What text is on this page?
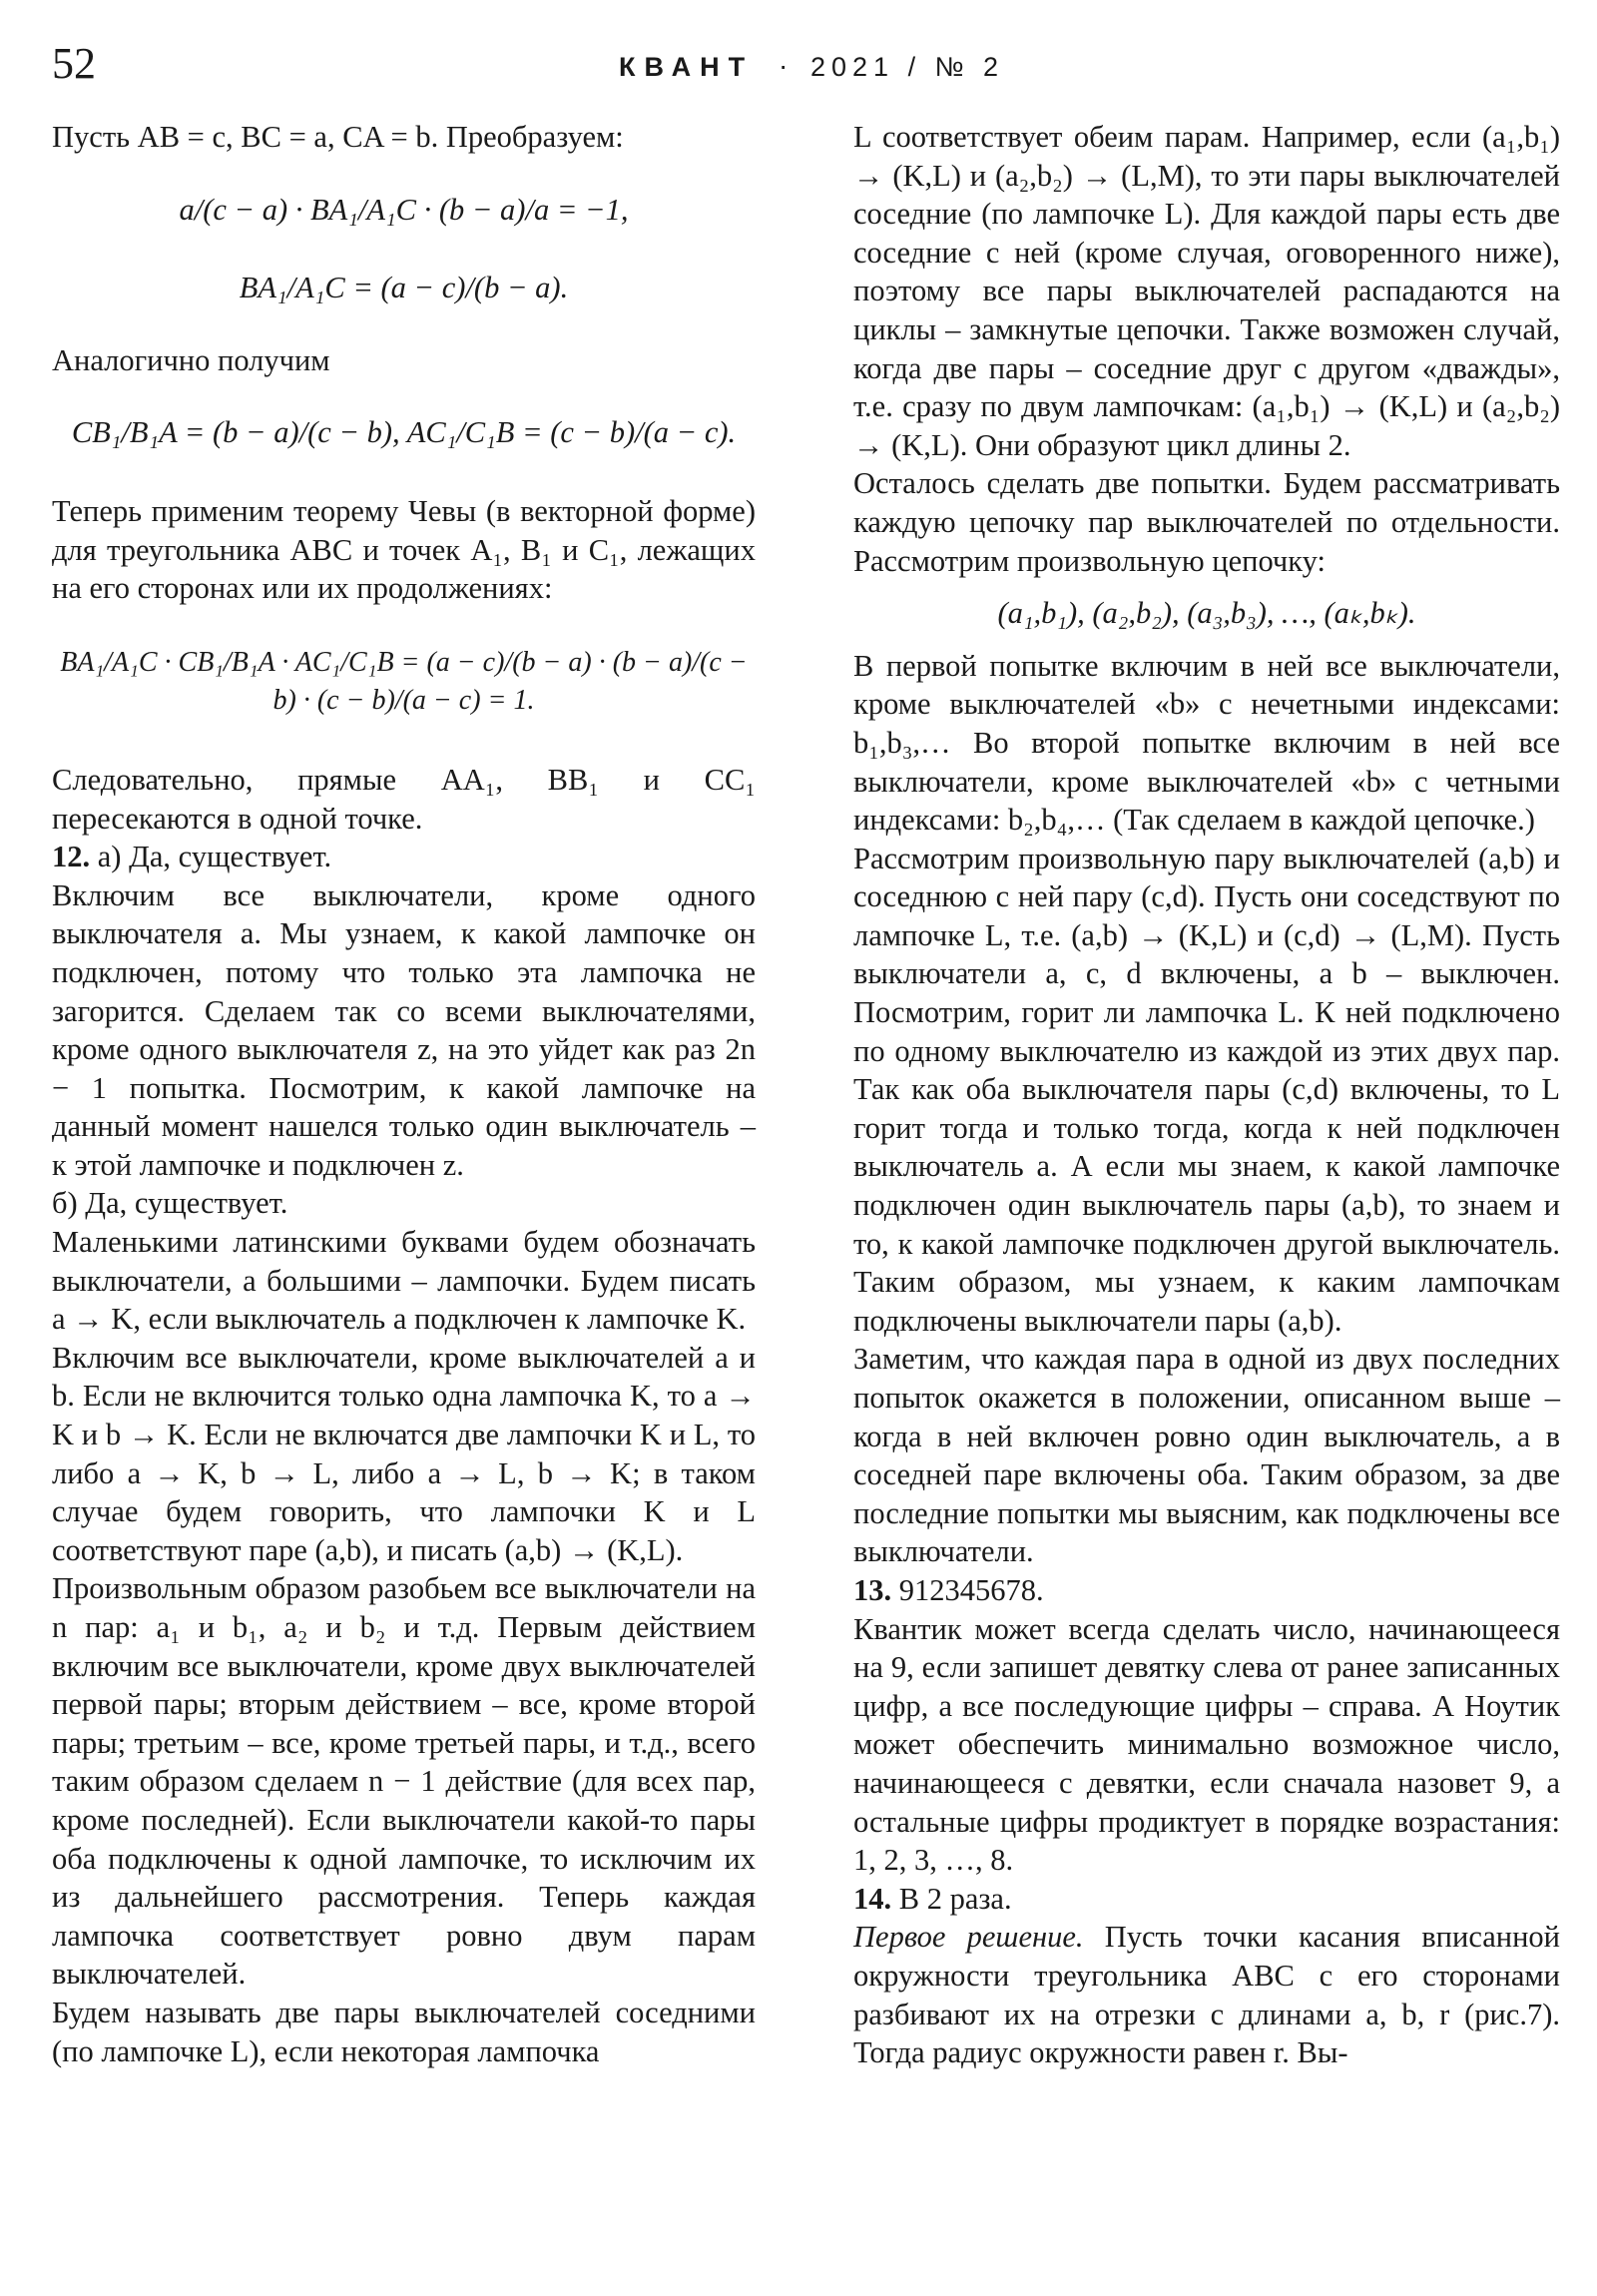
52	КВАНТ · 2021 / № 2

Пусть AB = c, BC = a, CA = b. Преобразуем:

a/(c − a) · BA₁/A₁C · (b − a)/a = −1,

BA₁/A₁C = (a − c)/(b − a).

Аналогично получим

CB₁/B₁A = (b − a)/(c − b), AC₁/C₁B = (c − b)/(a − c).

Теперь применим теорему Чевы (в векторной форме) для треугольника ABC и точек A₁, B₁ и C₁, лежащих на его сторонах или их продолжениях:

BA₁/A₁C · CB₁/B₁A · AC₁/C₁B = (a − c)/(b − a) · (b − a)/(c − b) · (c − b)/(a − c) = 1.

Следовательно, прямые AA₁, BB₁ и CC₁ пересекаются в одной точке.

12. а) Да, существует.

Включим все выключатели, кроме одного выключателя a. Мы узнаем, к какой лампочке он подключен, потому что только эта лампочка не загорится. Сделаем так со всеми выключателями, кроме одного выключателя z, на это уйдет как раз 2n − 1 попытка. Посмотрим, к какой лампочке на данный момент нашелся только один выключатель – к этой лампочке и подключен z.

б) Да, существует.

Маленькими латинскими буквами будем обозначать выключатели, а большими – лампочки. Будем писать a → K, если выключатель a подключен к лампочке K.

Включим все выключатели, кроме выключателей a и b. Если не включится только одна лампочка K, то a → K и b → K. Если не включатся две лампочки K и L, то либо a → K, b → L, либо a → L, b → K; в таком случае будем говорить, что лампочки K и L соответствуют паре (a,b), и писать (a,b) → (K,L).

Произвольным образом разобьем все выключатели на n пар: a₁ и b₁, a₂ и b₂ и т.д. Первым действием включим все выключатели, кроме двух выключателей первой пары; вторым действием – все, кроме второй пары; третьим – все, кроме третьей пары, и т.д., всего таким образом сделаем n − 1 действие (для всех пар, кроме последней). Если выключатели какой-то пары оба подключены к одной лампочке, то исключим их из дальнейшего рассмотрения. Теперь каждая лампочка соответствует ровно двум парам выключателей.

Будем называть две пары выключателей соседними (по лампочке L), если некоторая лампочка

L соответствует обеим парам. Например, если (a₁,b₁) → (K,L) и (a₂,b₂) → (L,M), то эти пары выключателей соседние (по лампочке L). Для каждой пары есть две соседние с ней (кроме случая, оговоренного ниже), поэтому все пары выключателей распадаются на циклы – замкнутые цепочки. Также возможен случай, когда две пары – соседние друг с другом «дважды», т.е. сразу по двум лампочкам: (a₁,b₁) → (K,L) и (a₂,b₂) → (K,L). Они образуют цикл длины 2.

Осталось сделать две попытки. Будем рассматривать каждую цепочку пар выключателей по отдельности. Рассмотрим произвольную цепочку:

(a₁,b₁), (a₂,b₂), (a₃,b₃), …, (aₖ,bₖ).

В первой попытке включим в ней все выключатели, кроме выключателей «b» с нечетными индексами: b₁,b₃,… Во второй попытке включим в ней все выключатели, кроме выключателей «b» с четными индексами: b₂,b₄,… (Так сделаем в каждой цепочке.)

Рассмотрим произвольную пару выключателей (a,b) и соседнюю с ней пару (c,d). Пусть они соседствуют по лампочке L, т.е. (a,b) → (K,L) и (c,d) → (L,M). Пусть выключатели a, c, d включены, а b – выключен. Посмотрим, горит ли лампочка L. К ней подключено по одному выключателю из каждой из этих двух пар. Так как оба выключателя пары (c,d) включены, то L горит тогда и только тогда, когда к ней подключен выключатель a. А если мы знаем, к какой лампочке подключен один выключатель пары (a,b), то знаем и то, к какой лампочке подключен другой выключатель. Таким образом, мы узнаем, к каким лампочкам подключены выключатели пары (a,b).

Заметим, что каждая пара в одной из двух последних попыток окажется в положении, описанном выше – когда в ней включен ровно один выключатель, а в соседней паре включены оба. Таким образом, за две последние попытки мы выясним, как подключены все выключатели.

13. 912345678.

Квантик может всегда сделать число, начинающееся на 9, если запишет девятку слева от ранее записанных цифр, а все последующие цифры – справа. А Ноутик может обеспечить минимально возможное число, начинающееся с девятки, если сначала назовет 9, а остальные цифры продиктует в порядке возрастания: 1, 2, 3, …, 8.

14. В 2 раза.

Первое решение. Пусть точки касания вписанной окружности треугольника ABC с его сторонами разбивают их на отрезки с длинами a, b, r (рис.7). Тогда радиус окружности равен r. Вы-
